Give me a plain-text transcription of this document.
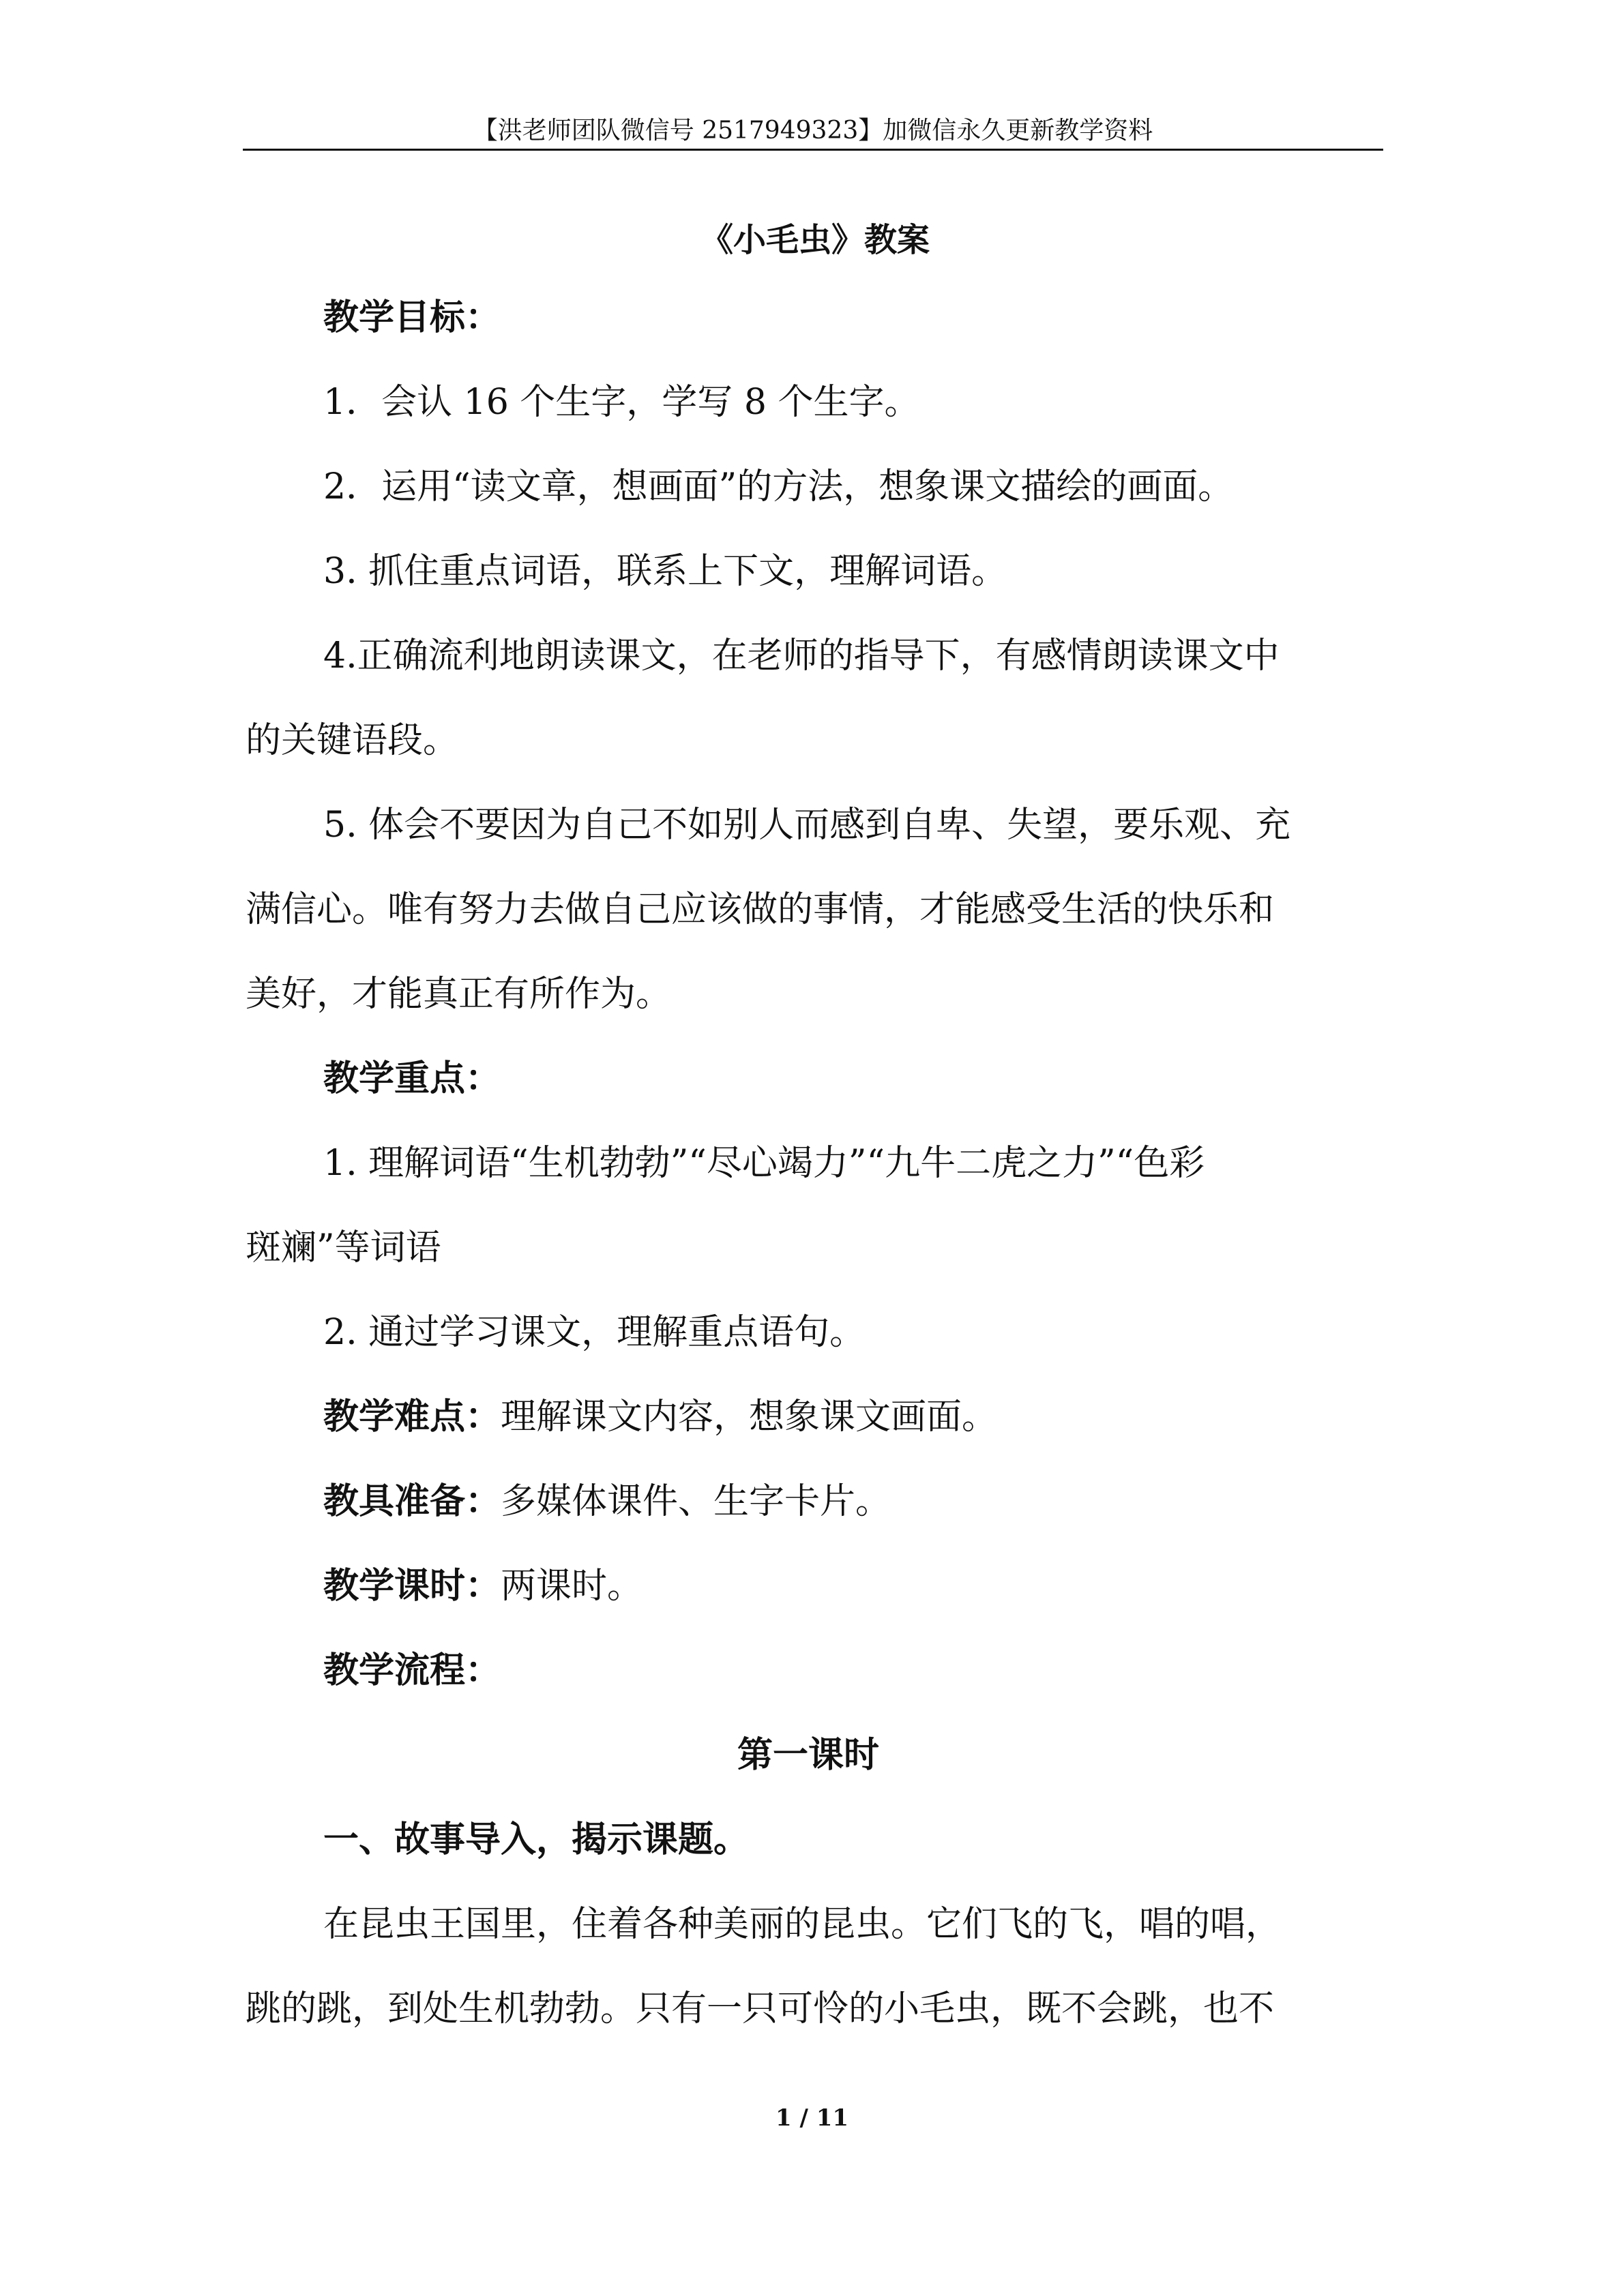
【洪老师团队微信号 2517949323】加微信永久更新教学资料
《小毛虫》教案

教学目标：

1．会认 16 个生字，学写 8 个生字。

2．运用“读文章，想画面”的方法，想象课文描绘的画面。

3. 抓住重点词语，联系上下文，理解词语。

4.正确流利地朗读课文，在老师的指导下，有感情朗读课文中

的关键语段。

5. 体会不要因为自己不如别人而感到自卑、失望，要乐观、充

满信心。唯有努力去做自己应该做的事情，才能感受生活的快乐和

美好，才能真正有所作为。

教学重点：

1. 理解词语“生机勃勃”“尽心竭力”“九牛二虎之力”“色彩

斑斓”等词语

2. 通过学习课文，理解重点语句。

教学难点：理解课文内容，想象课文画面。

教具准备：多媒体课件、生字卡片。

教学课时：两课时。

教学流程：

第一课时

一、故事导入，揭示课题。

在昆虫王国里，住着各种美丽的昆虫。它们飞的飞，唱的唱，

跳的跳，到处生机勃勃。只有一只可怜的小毛虫，既不会跳，也不

1 / 11
